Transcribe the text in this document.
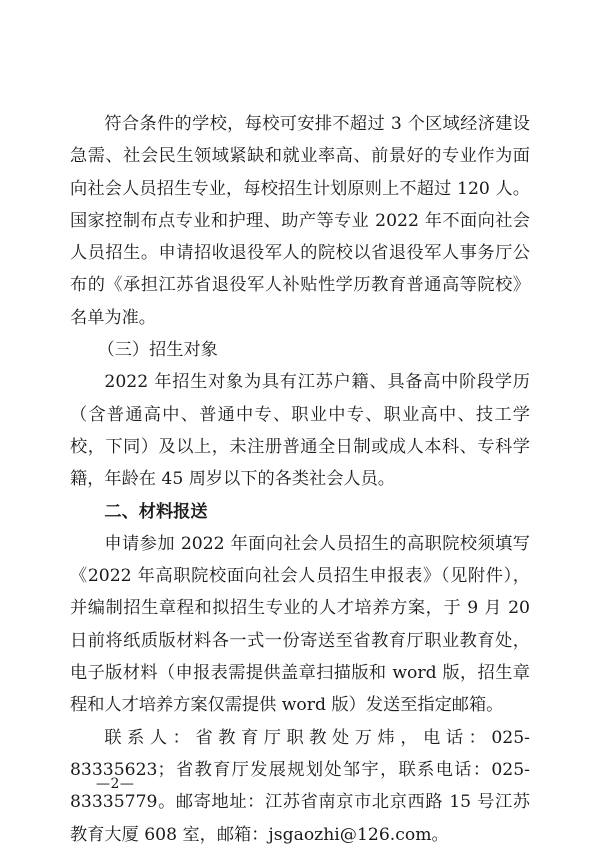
符合条件的学校，每校可安排不超过 3 个区域经济建设急需、社会民生领域紧缺和就业率高、前景好的专业作为面向社会人员招生专业，每校招生计划原则上不超过 120 人。国家控制布点专业和护理、助产等专业 2022 年不面向社会人员招生。申请招收退役军人的院校以省退役军人事务厅公布的《承担江苏省退役军人补贴性学历教育普通高等院校》名单为准。

（三）招生对象

2022 年招生对象为具有江苏户籍、具备高中阶段学历（含普通高中、普通中专、职业中专、职业高中、技工学校，下同）及以上，未注册普通全日制或成人本科、专科学籍，年龄在 45 周岁以下的各类社会人员。

二、材料报送

申请参加 2022 年面向社会人员招生的高职院校须填写《2022 年高职院校面向社会人员招生申报表》（见附件），并编制招生章程和拟招生专业的人才培养方案，于 9 月 20 日前将纸质版材料各一式一份寄送至省教育厅职业教育处，电子版材料（申报表需提供盖章扫描版和 word 版，招生章程和人才培养方案仅需提供 word 版）发送至指定邮箱。

联系人：省教育厅职教处万炜，电话：025-83335623；省教育厅发展规划处邹宇，联系电话：025-83335779。邮寄地址：江苏省南京市北京西路 15 号江苏教育大厦 608 室，邮箱：jsgaozhi@126.com。

—2—
